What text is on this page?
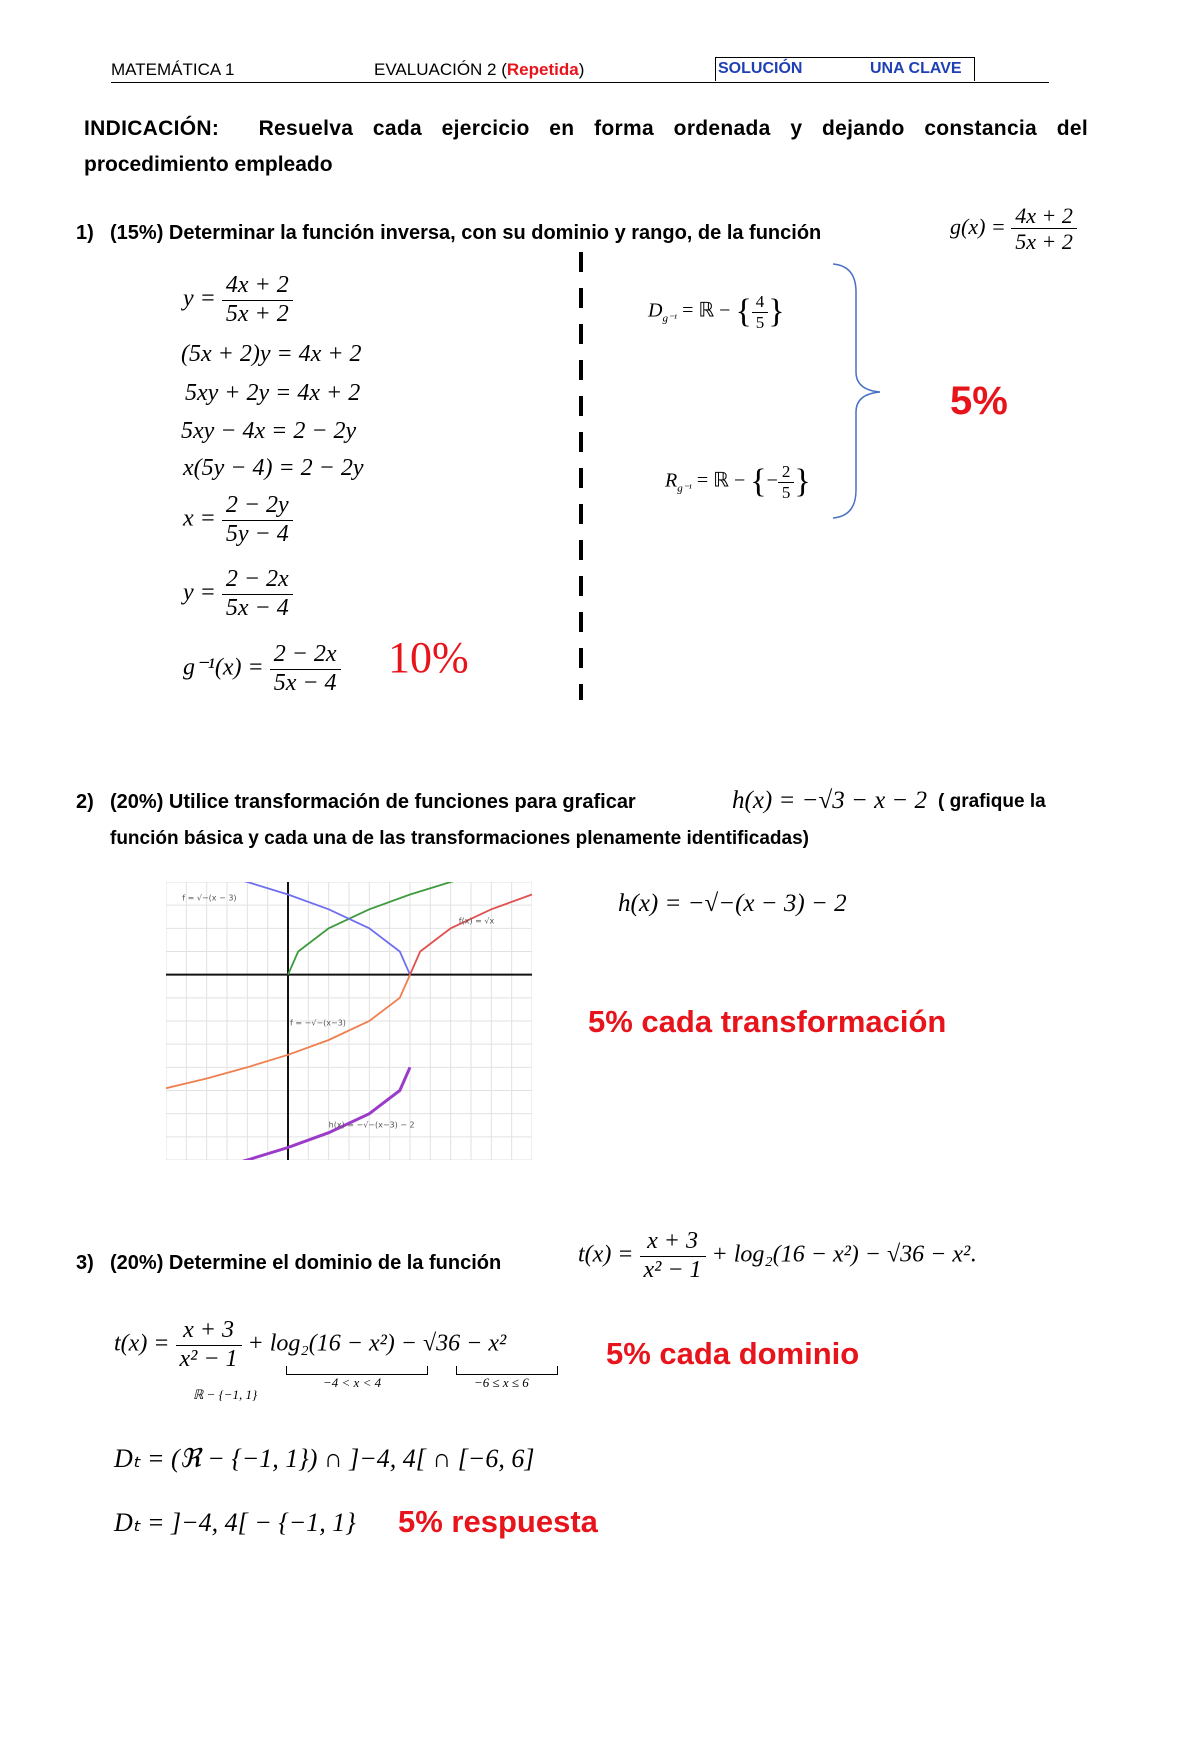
MATEMÁTICA 1	EVALUACIÓN 2 (Repetida)	SOLUCIÓN	UNA CLAVE
INDICACIÓN: Resuelva cada ejercicio en forma ordenada y dejando constancia del
procedimiento empleado
1) (15%) Determinar la función inversa, con su dominio y rango, de la función	$g(x) = \frac{4x + 2}{5x + 2}$
$y = \frac{4x + 2}{5x + 2}$
(5x + 2)y = 4x + 2
5xy + 2y = 4x + 2
5xy − 4x = 2 − 2y
x(5y − 4) = 2 − 2y
$x = \frac{2 - 2y}{5y - 4}$
$y = \frac{2 - 2x}{5x - 4}$
$g^{-1}(x) = \frac{2 - 2x}{5x - 4} 10\%$
$D_{g^{-1}}$ = ℝ − { $\frac{4}{5}$ }
$R_{g^{-1}}$ = ℝ − {− $\frac{2}{5}$ }
5%
2) (20%) Utilice transformación de funciones para graficar	h(x) = −√3 − x − 2 ( grafique la
función básica y cada una de las transformaciones plenamente identificadas)
f = √−(x − 3)
f(x) = √x
f = −√−(x−3)
h(x) = −√−(x−3) − 2
h(x) = −√−(x − 3) − 2
5% cada transformación
3) (20%) Determine el dominio de la función	$t(x) = \frac{x + 3}{\text{x² − 1}} + \log_2(16 - x^2) - √36 - x^2$.
$t(x) = \frac{x + 3}{\text{x² − 1}} + \log_2(16 - x^2) - √36 - x^2$
ℝ − {−1, 1}
−4 < x < 4	−6 ≤ x ≤ 6
5% cada dominio
Dₜ = (ℜ − {−1, 1}) ∩ ]−4, 4[ ∩ [−6, 6]
Dₜ = ]−4, 4[ − {−1, 1} 5% respuesta
